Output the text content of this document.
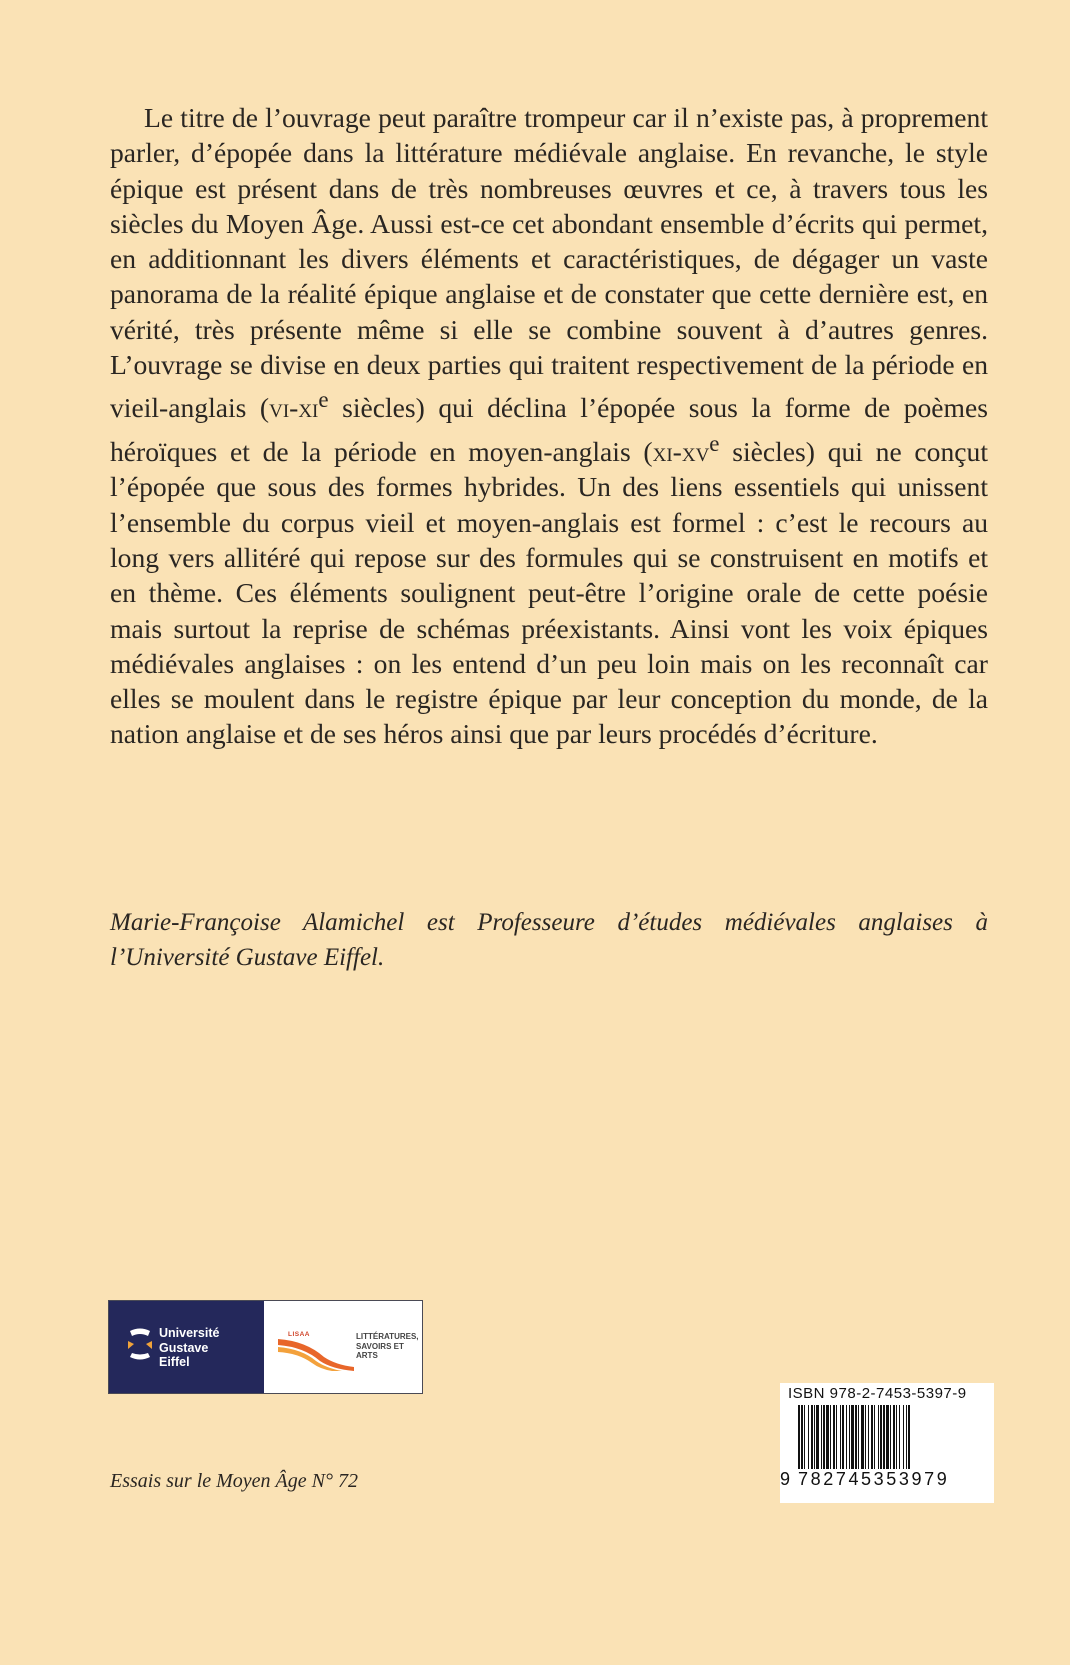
Le titre de l’ouvrage peut paraître trompeur car il n’existe pas, à proprement parler, d’épopée dans la littérature médiévale anglaise. En revanche, le style épique est présent dans de très nombreuses œuvres et ce, à travers tous les siècles du Moyen Âge. Aussi est-ce cet abondant ensemble d’écrits qui permet, en additionnant les divers éléments et caractéristiques, de dégager un vaste panorama de la réalité épique anglaise et de constater que cette dernière est, en vérité, très présente même si elle se combine souvent à d’autres genres. L’ouvrage se divise en deux parties qui traitent respectivement de la période en vieil-anglais ($vi-xi^e$ siècles) qui déclina l’épopée sous la forme de poèmes héroïques et de la période en moyen-anglais ($xi-xv^e$ siècles) qui ne conçut l’épopée que sous des formes hybrides. Un des liens essentiels qui unissent l’ensemble du corpus vieil et moyen-anglais est formel : c’est le recours au long vers allitéré qui repose sur des formules qui se construisent en motifs et en thème. Ces éléments soulignent peut-être l’origine orale de cette poésie mais surtout la reprise de schémas préexistants. Ainsi vont les voix épiques médiévales anglaises : on les entend d’un peu loin mais on les reconnaît car elles se moulent dans le registre épique par leur conception du monde, de la nation anglaise et de ses héros ainsi que par leurs procédés d’écriture.

Marie-Françoise Alamichel est Professeure d’études médiévales anglaises à l’Université Gustave Eiffel.

Université
Gustave
Eiffel
LISAA	LITTÉRATURES,
SAVOIRS ET
ARTS

Essais sur le Moyen Âge N° 72

ISBN 978-2-7453-5397-9
9 782745353979
